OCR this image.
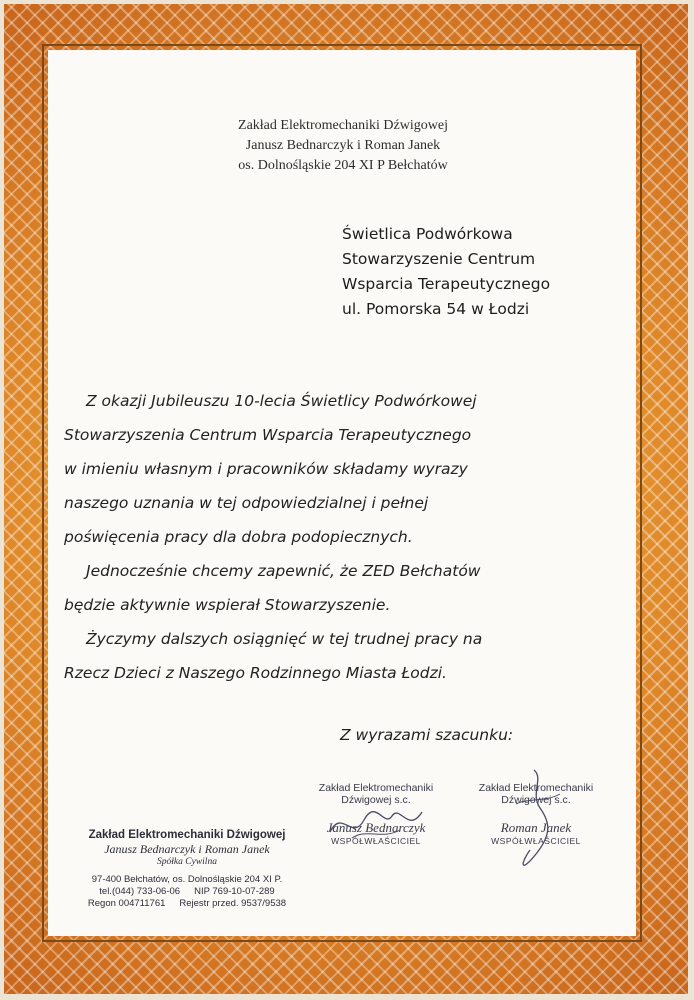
Zakład Elektromechaniki Dźwigowej
Janusz Bednarczyk i Roman Janek
os. Dolnośląskie 204 XI P Bełchatów
Świetlica Podwórkowa
Stowarzyszenie Centrum
Wsparcia Terapeutycznego
ul. Pomorska 54 w Łodzi

Z okazji Jubileuszu 10-lecia Świetlicy Podwórkowej

Stowarzyszenia Centrum Wsparcia Terapeutycznego

w imieniu własnym i pracowników składamy wyrazy

naszego uznania w tej odpowiedzialnej i pełnej

poświęcenia pracy dla dobra podopiecznych.

Jednocześnie chcemy zapewnić, że ZED Bełchatów

będzie aktywnie wspierał Stowarzyszenie.

Życzymy dalszych osiągnięć w tej trudnej pracy na

Rzecz Dzieci z Naszego Rodzinnego Miasta Łodzi.

Z wyrazami szacunku:
Zakład Elektromechaniki
Dźwigowej s.c.
Janusz Bednarczyk
WSPÓŁWŁAŚCICIEL
Zakład Elektromechaniki
Dźwigowej s.c.
Roman Janek
WSPÓŁWŁAŚCICIEL
Zakład Elektromechaniki Dźwigowej
Janusz Bednarczyk i Roman Janek
Spółka Cywilna
97-400 Bełchatów, os. Dolnośląskie 204 XI P.
tel.(044) 733-06-06 NIP 769-10-07-289
Regon 004711761 Rejestr przed. 9537/9538
